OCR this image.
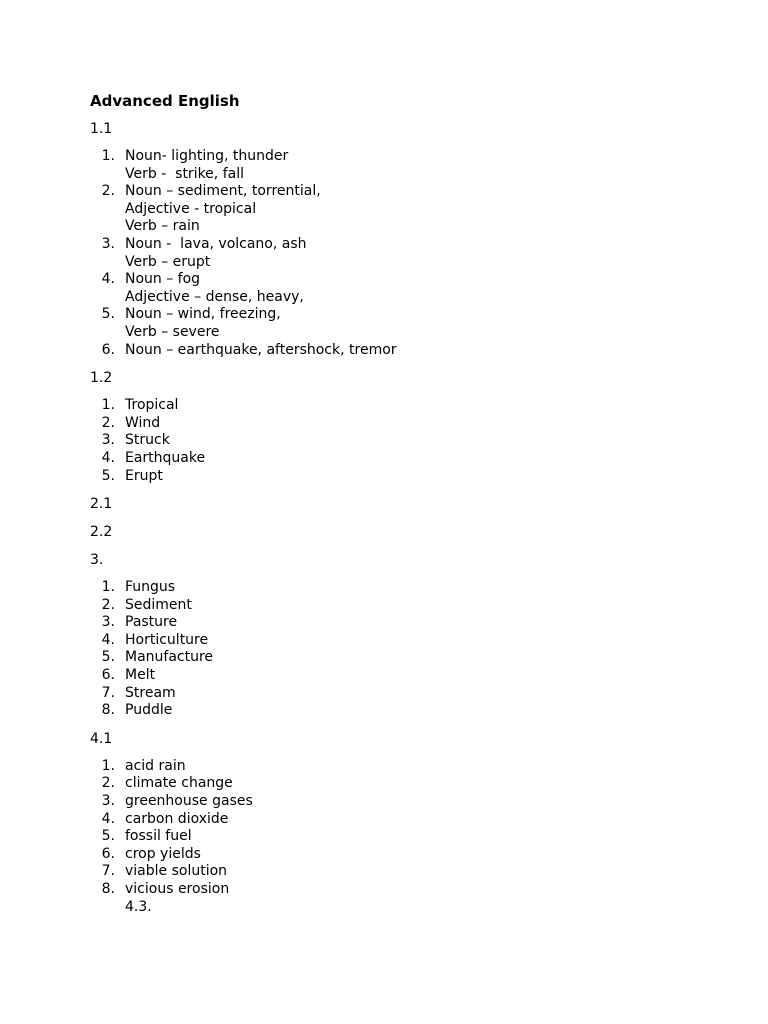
Advanced English
1.1
1. Noun- lighting, thunder
Verb -  strike, fall
2. Noun – sediment, torrential,
Adjective - tropical
Verb – rain
3. Noun -  lava, volcano, ash
Verb – erupt
4. Noun – fog
Adjective – dense, heavy,
5. Noun – wind, freezing,
Verb – severe
6. Noun – earthquake, aftershock, tremor
1.2
1. Tropical
2. Wind
3. Struck
4. Earthquake
5. Erupt
2.1
2.2
3.
1. Fungus
2. Sediment
3. Pasture
4. Horticulture
5. Manufacture
6. Melt
7. Stream
8. Puddle
4.1
1. acid rain
2. climate change
3. greenhouse gases
4. carbon dioxide
5. fossil fuel
6. crop yields
7. viable solution
8. vicious erosion
4.3.
